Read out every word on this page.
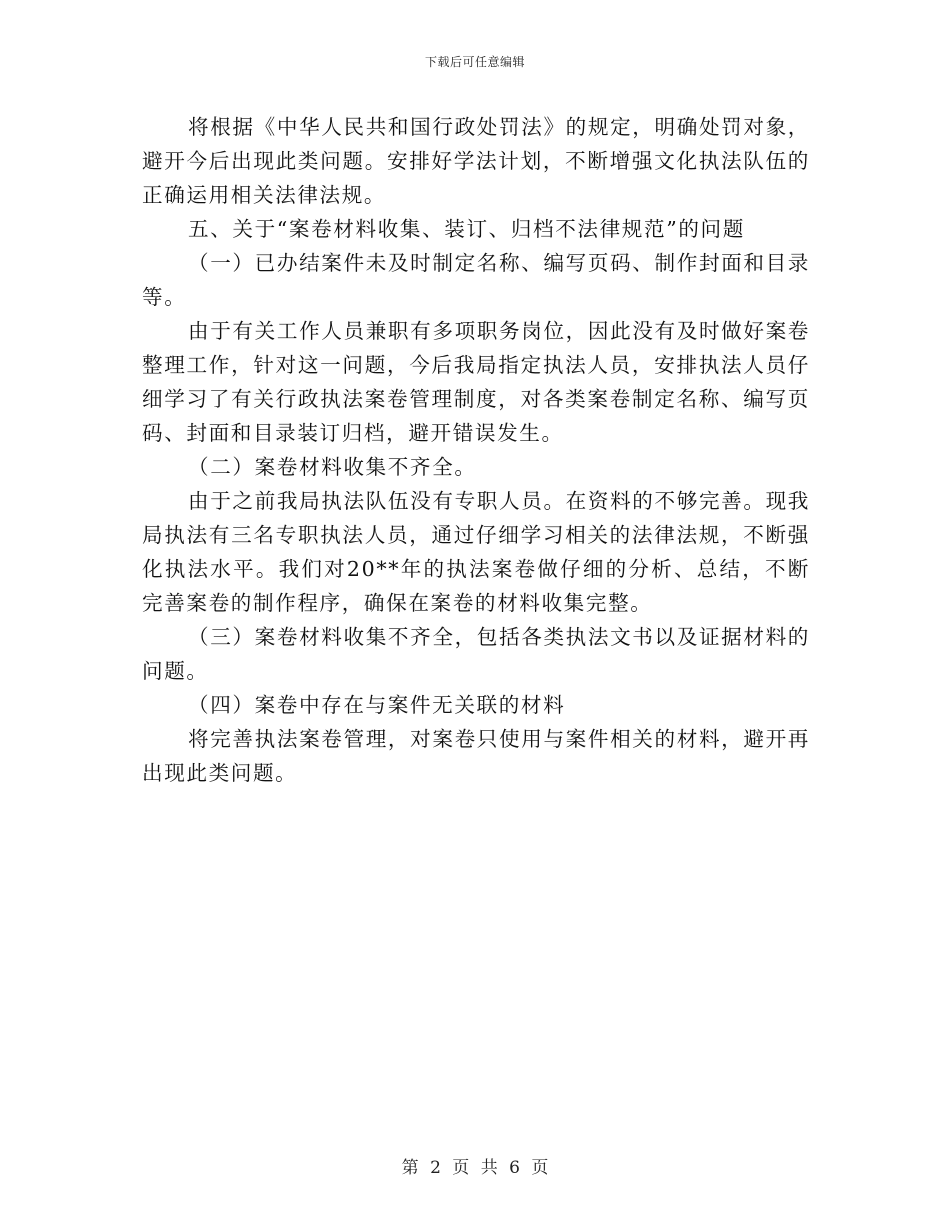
下载后可任意编辑

将根据《中华人民共和国行政处罚法》的规定，明确处罚对象，避开今后出现此类问题。安排好学法计划，不断增强文化执法队伍的正确运用相关法律法规。

五、关于“案卷材料收集、装订、归档不法律规范”的问题

（一）已办结案件未及时制定名称、编写页码、制作封面和目录等。

由于有关工作人员兼职有多项职务岗位，因此没有及时做好案卷整理工作，针对这一问题，今后我局指定执法人员，安排执法人员仔细学习了有关行政执法案卷管理制度，对各类案卷制定名称、编写页码、封面和目录装订归档，避开错误发生。

（二）案卷材料收集不齐全。

由于之前我局执法队伍没有专职人员。在资料的不够完善。现我局执法有三名专职执法人员，通过仔细学习相关的法律法规，不断强化执法水平。我们对20**年的执法案卷做仔细的分析、总结，不断完善案卷的制作程序，确保在案卷的材料收集完整。

（三）案卷材料收集不齐全，包括各类执法文书以及证据材料的问题。

（四）案卷中存在与案件无关联的材料

将完善执法案卷管理，对案卷只使用与案件相关的材料，避开再出现此类问题。

第 2 页 共 6 页
